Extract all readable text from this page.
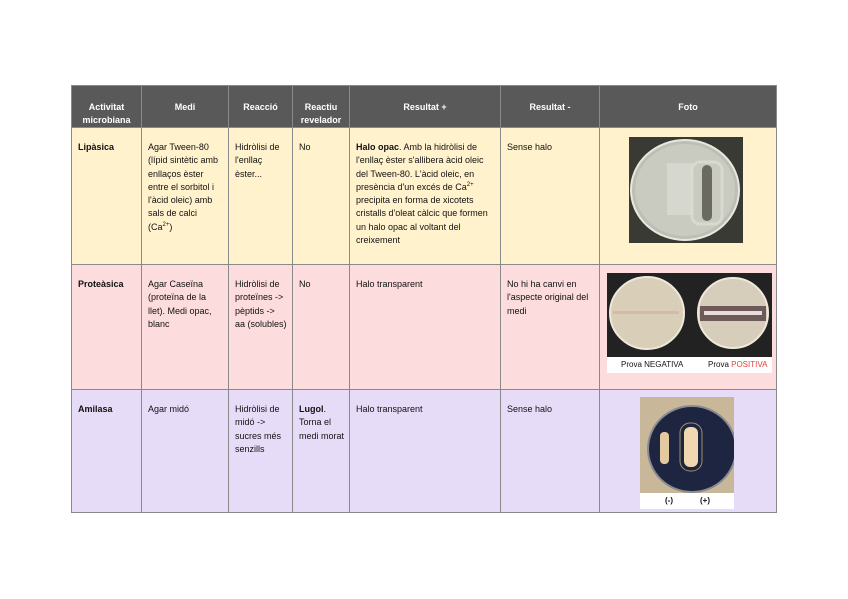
Activitat microbiana	Medi	Reacció	Reactiu revelador	Resultat +	Resultat -	Foto
Lipàsica	Agar Tween-80 (lípid sintètic amb enllaços èster entre el sorbitol i l'àcid oleic) amb sals de calci $(Ca^{2+})$	Hidròlisi de l'enllaç èster...	No	Halo opac. Amb la hidròlisi de l'enllaç èster s'allibera àcid oleic del Tween-80. L'àcid oleic, en presència d'un excés de $Ca^{2+}$ precipita en forma de xicotets cristalls d'oleat càlcic que formen un halo opac al voltant del creixement	Sense halo	

Proteàsica	Agar Caseïna (proteïna de la llet). Medi opac, blanc	Hidròlisi de proteïnes -> pèptids -> aa (solubles)	No	Halo transparent	No hi ha canvi en l'aspecte original del medi	Prova NEGATIVA Prova POSITIVA

Amilasa	Agar midó	Hidròlisi de midó -> sucres més senzills	Lugol. Torna el medi morat	Halo transparent	Sense halo	(-) (+)
